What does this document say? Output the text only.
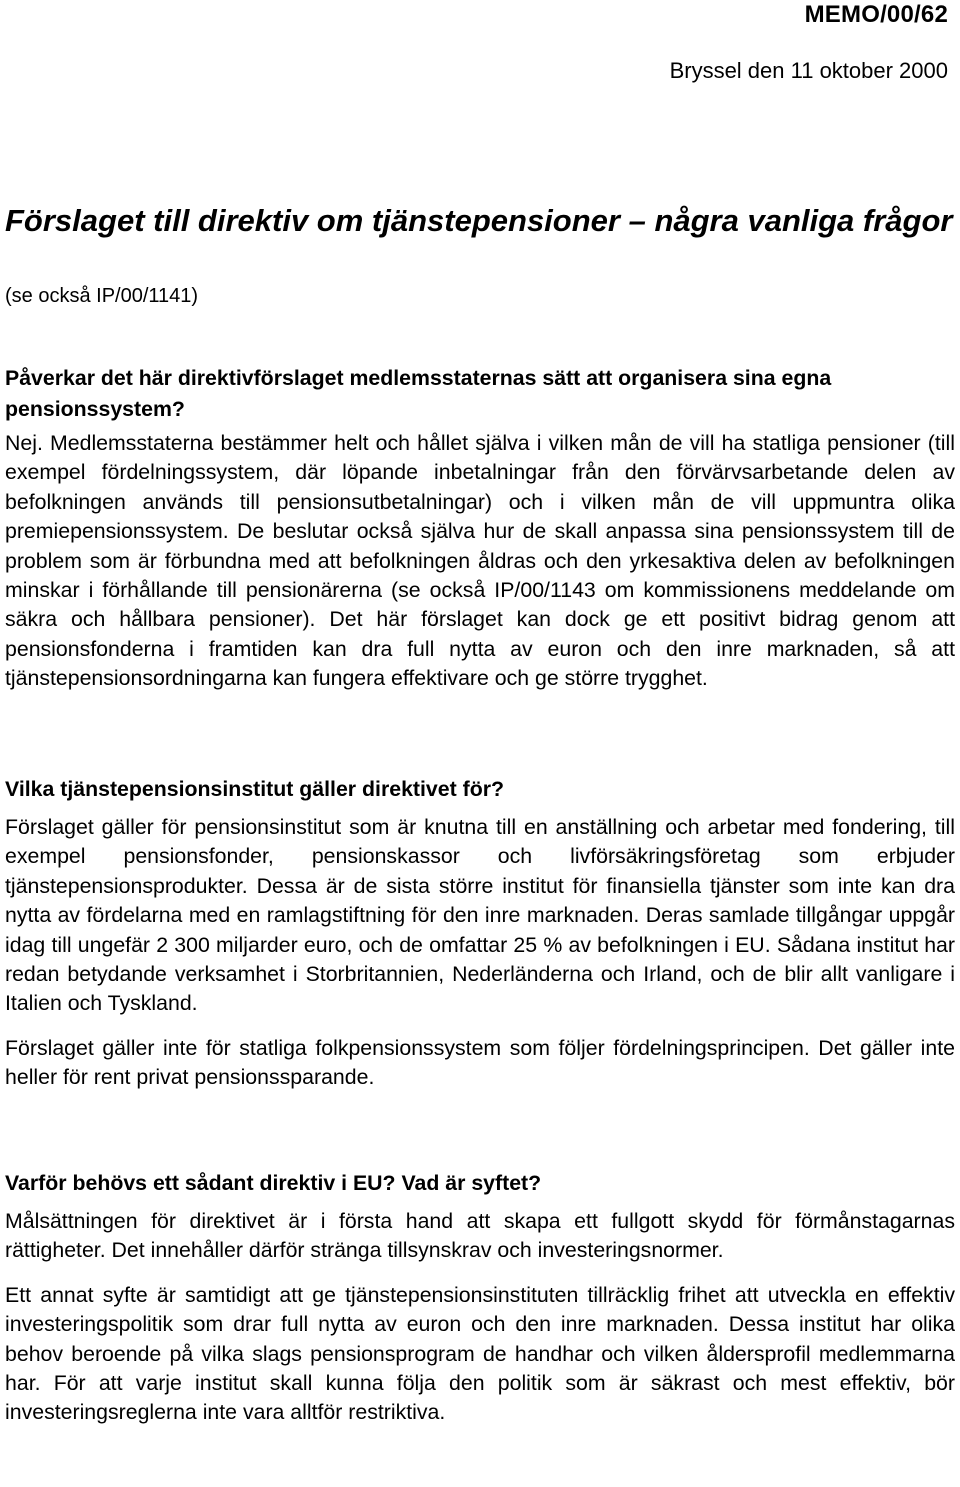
MEMO/00/62
Bryssel den 11 oktober 2000
Förslaget till direktiv om tjänstepensioner – några vanliga frågor
(se också IP/00/1141)

Påverkar det här direktivförslaget medlemsstaternas sätt att organisera sina egna pensionssystem?

Nej. Medlemsstaterna bestämmer helt och hållet själva i vilken mån de vill ha statliga pensioner (till exempel fördelningssystem, där löpande inbetalningar från den förvärvsarbetande delen av befolkningen används till pensionsutbetalningar) och i vilken mån de vill uppmuntra olika premiepensionssystem. De beslutar också själva hur de skall anpassa sina pensionssystem till de problem som är förbundna med att befolkningen åldras och den yrkesaktiva delen av befolkningen minskar i förhållande till pensionärerna (se också IP/00/1143 om kommissionens meddelande om säkra och hållbara pensioner). Det här förslaget kan dock ge ett positivt bidrag genom att pensionsfonderna i framtiden kan dra full nytta av euron och den inre marknaden, så att tjänstepensionsordningarna kan fungera effektivare och ge större trygghet.

Vilka tjänstepensionsinstitut gäller direktivet för?

Förslaget gäller för pensionsinstitut som är knutna till en anställning och arbetar med fondering, till exempel pensionsfonder, pensionskassor och livförsäkringsföretag som erbjuder tjänstepensionsprodukter. Dessa är de sista större institut för finansiella tjänster som inte kan dra nytta av fördelarna med en ramlagstiftning för den inre marknaden. Deras samlade tillgångar uppgår idag till ungefär 2 300 miljarder euro, och de omfattar 25 % av befolkningen i EU. Sådana institut har redan betydande verksamhet i Storbritannien, Nederländerna och Irland, och de blir allt vanligare i Italien och Tyskland.

Förslaget gäller inte för statliga folkpensionssystem som följer fördelningsprincipen. Det gäller inte heller för rent privat pensionssparande.

Varför behövs ett sådant direktiv i EU? Vad är syftet?

Målsättningen för direktivet är i första hand att skapa ett fullgott skydd för förmånstagarnas rättigheter. Det innehåller därför stränga tillsynskrav och investeringsnormer.

Ett annat syfte är samtidigt att ge tjänstepensionsinstituten tillräcklig frihet att utveckla en effektiv investeringspolitik som drar full nytta av euron och den inre marknaden. Dessa institut har olika behov beroende på vilka slags pensionsprogram de handhar och vilken åldersprofil medlemmarna har. För att varje institut skall kunna följa den politik som är säkrast och mest effektiv, bör investeringsreglerna inte vara alltför restriktiva.
